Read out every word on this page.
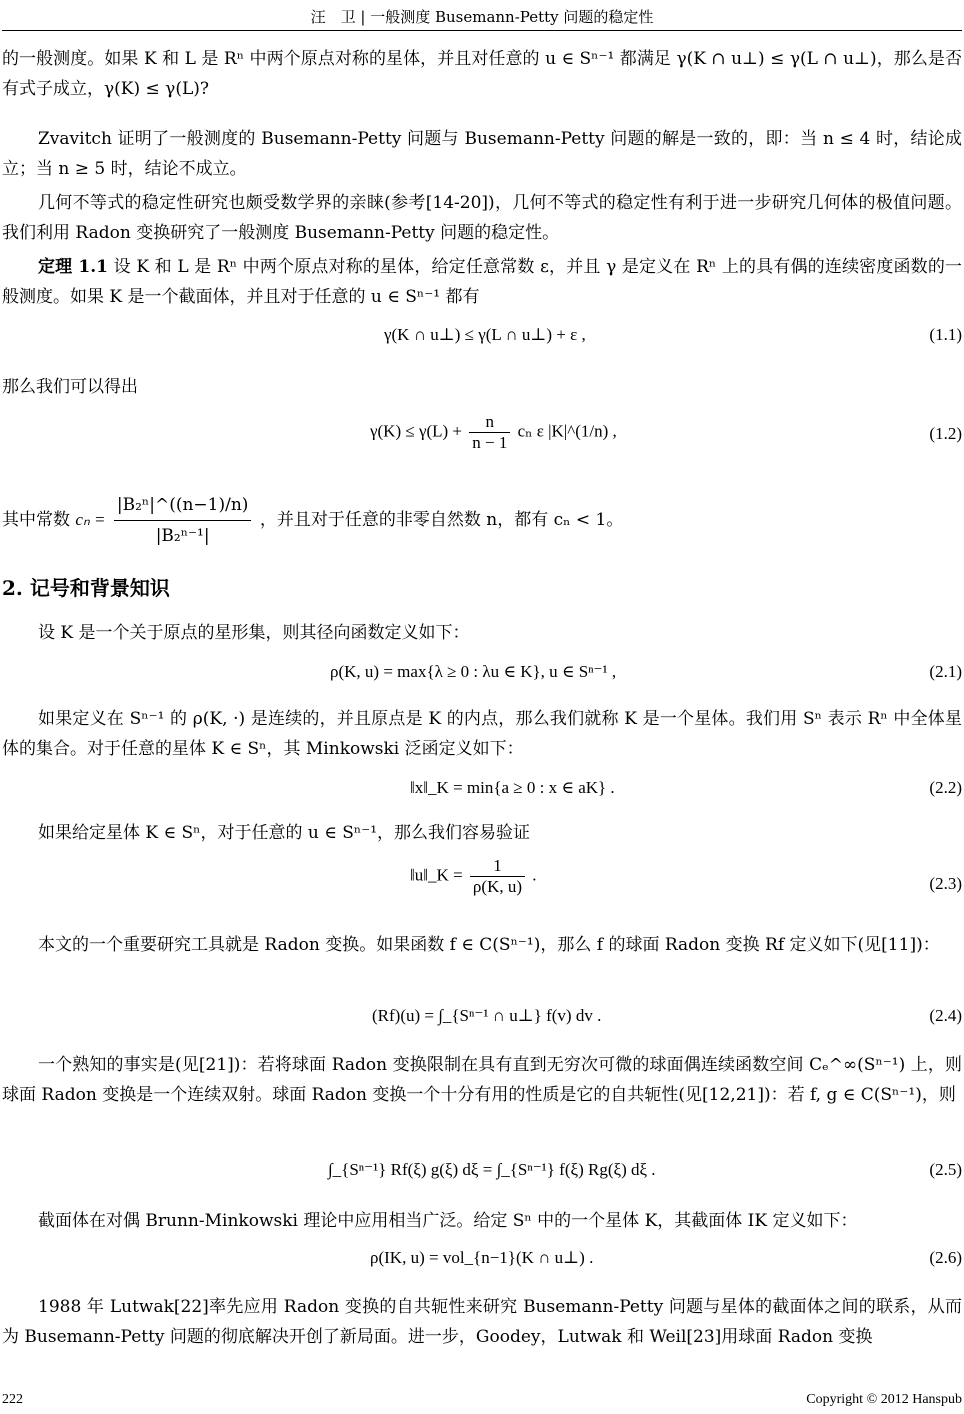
汪　卫 | 一般测度 Busemann-Petty 问题的稳定性
的一般测度。如果 K 和 L 是 Rⁿ 中两个原点对称的星体，并且对任意的 u ∈ Sⁿ⁻¹ 都满足 γ(K ∩ u⊥) ≤ γ(L ∩ u⊥)，那么是否有式子成立，γ(K) ≤ γ(L)?
Zvavitch 证明了一般测度的 Busemann-Petty 问题与 Busemann-Petty 问题的解是一致的，即：当 n ≤ 4 时，结论成立；当 n ≥ 5 时，结论不成立。
几何不等式的稳定性研究也颇受数学界的亲睐(参考[14-20])，几何不等式的稳定性有利于进一步研究几何体的极值问题。我们利用 Radon 变换研究了一般测度 Busemann-Petty 问题的稳定性。
定理 1.1 设 K 和 L 是 Rⁿ 中两个原点对称的星体，给定任意常数 ε，并且 γ 是定义在 Rⁿ 上的具有偶的连续密度函数的一般测度。如果 K 是一个截面体，并且对于任意的 u ∈ Sⁿ⁻¹ 都有
γ(K ∩ u⊥) ≤ γ(L ∩ u⊥) + ε ,	(1.1)
那么我们可以得出
$\gamma(K) \le \gamma(L) + \frac{n}{n - 1}$ cₙ ε |K|^(1/n) ,	(1.2)
其中常数 $c_n = \frac{\text{|B₂ⁿ|\textasciicircum{}((n−1)/n)}}{\text{|B₂ⁿ⁻¹|}}$ ，并且对于任意的非零自然数 n，都有 cₙ < 1。
2. 记号和背景知识
设 K 是一个关于原点的星形集，则其径向函数定义如下：
ρ(K, u) = max{λ ≥ 0 : λu ∈ K}, u ∈ Sⁿ⁻¹ ,	(2.1)
如果定义在 Sⁿ⁻¹ 的 ρ(K, ·) 是连续的，并且原点是 K 的内点，那么我们就称 K 是一个星体。我们用 Sⁿ 表示 Rⁿ 中全体星体的集合。对于任意的星体 K ∈ Sⁿ，其 Minkowski 泛函定义如下：
‖x‖_K = min{a ≥ 0 : x ∈ aK} .	(2.2)
如果给定星体 K ∈ Sⁿ，对于任意的 u ∈ Sⁿ⁻¹，那么我们容易验证
‖u‖_K = $\frac{1}{\rho(K, u)}$ .	(2.3)
本文的一个重要研究工具就是 Radon 变换。如果函数 f ∈ C(Sⁿ⁻¹)，那么 f 的球面 Radon 变换 Rf 定义如下(见[11])：
(Rf)(u) = ∫_{Sⁿ⁻¹ ∩ u⊥} f(v) dv .	(2.4)
一个熟知的事实是(见[21])：若将球面 Radon 变换限制在具有直到无穷次可微的球面偶连续函数空间 Cₑ^∞(Sⁿ⁻¹) 上，则球面 Radon 变换是一个连续双射。球面 Radon 变换一个十分有用的性质是它的自共轭性(见[12,21])：若 f, g ∈ C(Sⁿ⁻¹)，则
∫_{Sⁿ⁻¹} Rf(ξ) g(ξ) dξ = ∫_{Sⁿ⁻¹} f(ξ) Rg(ξ) dξ .	(2.5)
截面体在对偶 Brunn-Minkowski 理论中应用相当广泛。给定 Sⁿ 中的一个星体 K，其截面体 IK 定义如下：
ρ(IK, u) = vol_{n−1}(K ∩ u⊥) .	(2.6)
1988 年 Lutwak[22]率先应用 Radon 变换的自共轭性来研究 Busemann-Petty 问题与星体的截面体之间的联系，从而为 Busemann-Petty 问题的彻底解决开创了新局面。进一步，Goodey，Lutwak 和 Weil[23]用球面 Radon 变换
222	Copyright © 2012 Hanspub
